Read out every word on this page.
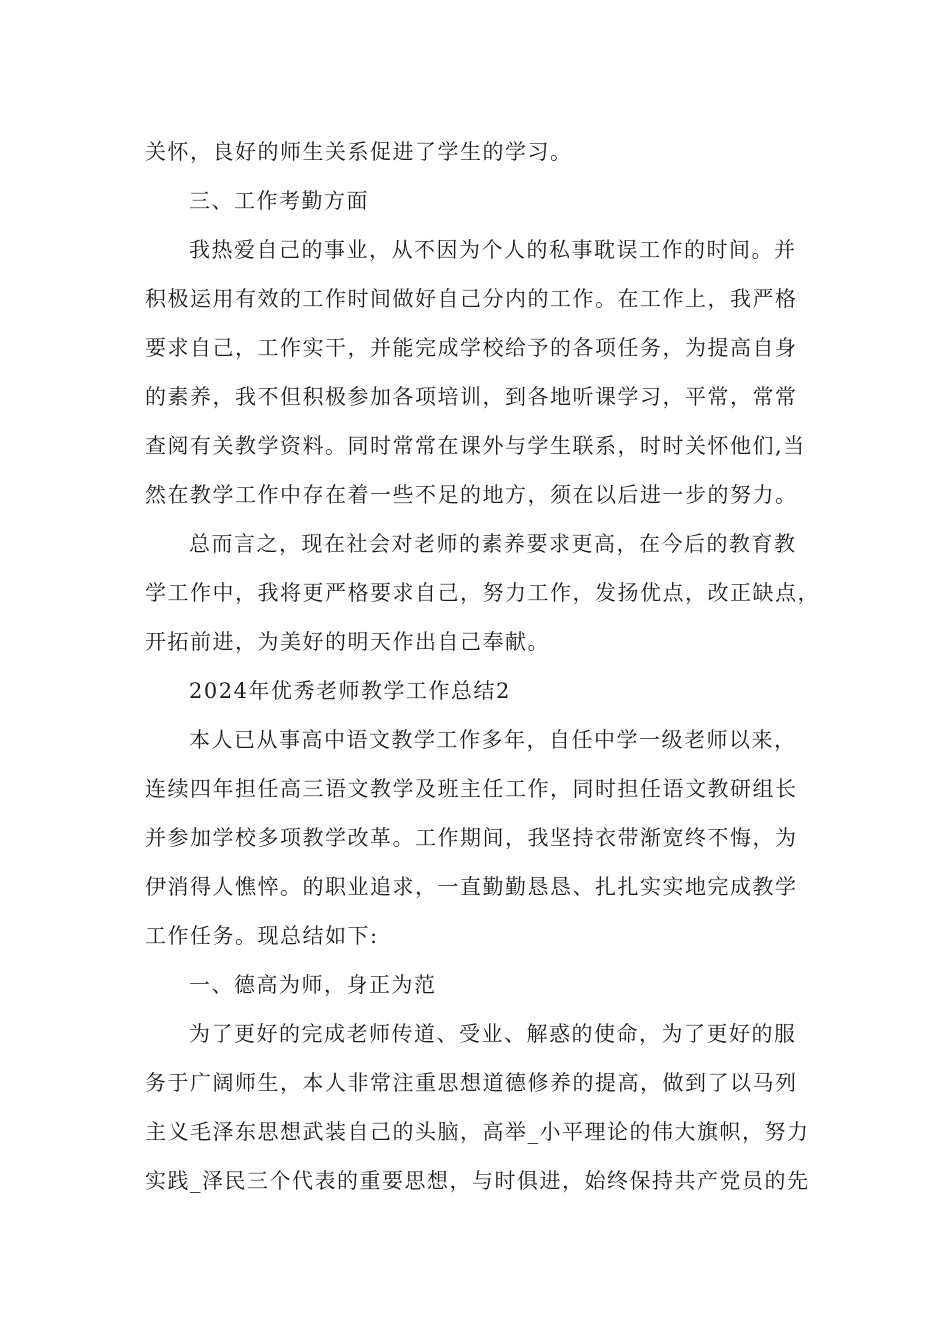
关怀，良好的师生关系促进了学生的学习。
三、工作考勤方面
我热爱自己的事业，从不因为个人的私事耽误工作的时间。并
积极运用有效的工作时间做好自己分内的工作。在工作上，我严格
要求自己，工作实干，并能完成学校给予的各项任务，为提高自身
的素养，我不但积极参加各项培训，到各地听课学习，平常，常常
查阅有关教学资料。同时常常在课外与学生联系，时时关怀他们,当
然在教学工作中存在着一些不足的地方，须在以后进一步的努力。
总而言之，现在社会对老师的素养要求更高，在今后的教育教
学工作中，我将更严格要求自己，努力工作，发扬优点，改正缺点，
开拓前进，为美好的明天作出自己奉献。
2024年优秀老师教学工作总结2
本人已从事高中语文教学工作多年，自任中学一级老师以来，
连续四年担任高三语文教学及班主任工作，同时担任语文教研组长
并参加学校多项教学改革。工作期间，我坚持衣带渐宽终不悔，为
伊消得人憔悴。的职业追求，一直勤勤恳恳、扎扎实实地完成教学
工作任务。现总结如下:
一、德高为师，身正为范
为了更好的完成老师传道、受业、解惑的使命，为了更好的服
务于广阔师生，本人非常注重思想道德修养的提高，做到了以马列
主义毛泽东思想武装自己的头脑，高举_小平理论的伟大旗帜，努力
实践_泽民三个代表的重要思想，与时俱进，始终保持共产党员的先
